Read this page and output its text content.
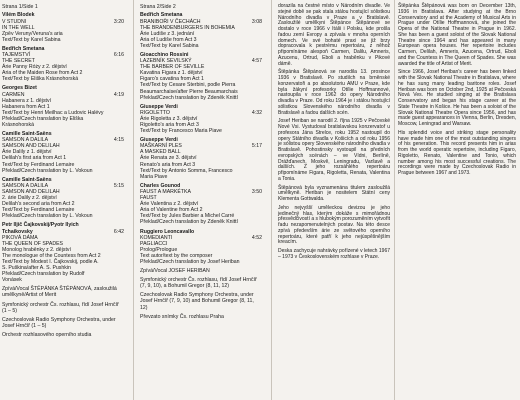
Strana 1/Side 1
Vilém Blodek
V STUDNI
IN THE WELL
Zpěv Veruny/Veruna's aria
Text/Text by Karel Sabina
3:20
Bedřich Smetana
TAJEMSTVÍ
THE SECRET
Árie Panny Róży z 2. dějství
Aria of the Maiden Rose from Act 2
Text/Text by Eliška Krásnohorská
6:16
Georges Bizet
CARMEN
Habanera z 1. dějství
Habanera from Act 1
Text/Text by Henri Meilhac a Ludovic Halévy
Překlad/Czech translation by Eliška Krásnohorská
4:19
Camille Saint-Saëns
SAMSON A DALILA
SAMSON AND DELILAH
Árie Dalily z 1. dějství
Delilah's first aria from Act 1
Text/Text by Ferdinand Lemaire
Překlad/Czech translation by L. Vokoun
4:15
Camille Saint-Saëns
SAMSON A DALILA
SAMSON AND DELILAH
2. árie Dalily z 2. dějství
Delilah's second aria from Act 2
Text/Text by Ferdinand Lemaire
Překlad/Czech translation by L. Vokoun
5:15
Petr Iljič Čajkovskij/Pyotr Ilyich Tchaikovsky
PIKOVÁ DÁMA
THE QUEEN OF SPADES
Monolog hraběnky z 2. dějství
The monologue of the Countess from Act 2
Text/Text by Modest I. Čajkovskij, podle A. S. Puškina/after A. S. Pushkin
Překlad/Czech translation by Rudolf Vonásek
6:42

Zpívá/Vocal ŠTĚPÁNKA ŠTĚPÁNOVÁ, zasloužilá umělkyně/Artist of Merit

Symfonický orchestr Čs. rozhlasu, řídí Josef Hrnčíř (1 – 5)

Czechoslovak Radio Symphony Orchestra, under Josef Hrnčíř (1 – 5)

Orchestr rozhlasového operního studia

Strana 2/Side 2
Bedřich Smetana
BRANIBOŘI V ČECHÁCH
THE BRANDENBURGERS IN BOHEMIA
Árie Ludiše z 3. jednání
Aria of Ludiše from Act 3
Text/Text by Karel Sabina
3:08
Gioacchino Rossini
LAZEBNÍK SEVILSKÝ
THE BARBER OF SEVILLE
Kavatina Figara z 1. dějství
Figaro's cavatina from Act 1
Text/Text by Cesare Sterbini, podle Pierra Beaumarchaise/after Pierre Beaumarchais
Překlad/Czech translation by Zdeněk Knittl
4:57
Giuseppe Verdi
RIGOLETTO
Árie Rigoletta z 3. dějství
Rigoletto's aria from Act 3
Text/Text by Francesco Maria Piave
4:32
Giuseppe Verdi
MAŠKARNÍ PLES
A MASKED BALL
Árie Renata ze 3. dějství
Renato's aria from Act 3
Text/Text by Antonio Somma, Francesco Maria Piave
5:17
Charles Gounod
FAUST A MARKÉTKA
FAUST
Árie Valentina z 2. dějství
Aria of Valentine from Act 2
Text/Text by Jules Barbier a Michel Carré
Překlad/Czech translation by Zdeněk Knittl
3:50
Ruggiero Leoncavallo
KOMEDIANTI
PAGLIACCI
Prolog/Prologue
Text autor/text by the composer
Překlad/Czech translation by Josef Heriban
4:52

Zpívá/Vocal JOSEF HERIBAN

Symfonický orchestr Čs. rozhlasu, řídí Josef Hrnčíř (7, 9, 10), a Bohumil Gregor (8, 11, 12)

Czechoslovak Radio Symphony Orchestra, under Josef Hrnčíř (7, 9, 10) and Bohumil Gregor (8, 11, 12)

Převzato snímky Čs. rozhlasu Praha

dorazila na čestné místo v Národním divadle. Ve stejné době se pak stala stálou hostující sólistkou Národního divadla v Praze a v Bratislavě. Zasloužilé umělkyni Štěpánce Štěpánové se dostalo v roce 1966 v Itálii i Polsku, kde prošla řadou zemí Evropy a zpívala v mnoha operních domech. Ve své bohaté praxi se již brzy dopracovala k pestrému repertoáru, z něhož připomínáme alespoň Carmen, Dalilu, Amneris, Azucenu, Ortrud, Eboli a hraběnku v Pikové dámě.

Štěpánka Štěpánová se narodila 13. prosince 1936 v Bratislavě. Po studiích na brněnské konzervatoři a po absolutoriu AMU v Praze, kde byla žákyní profesorky Otílie Hoffmannové, nastoupila v roce 1962 do opery Národního divadla v Praze. Od roku 1964 je i stálou hostující sólistkou Slovenského národního divadla v Bratislavě a řadou dalších scén.

Josef Heriban se narodil 2. října 1925 v Pečovské Nové Vsi. Vystudoval bratislavskou konzervatoř u profesora Jána Strelce, roku 1952 nastoupil do opery Státního divadla v Košicích a od roku 1956 je sólistou opery Slovenského národního divadla v Bratislavě. Pohostinsky vystoupil na předních evropských scénách – ve Vídni, Berlíně, Drážďanech, Moskvě, Leningradu, Varšavě a dalších. Z jeho rozsáhlého repertoáru připomínáme Figara, Rigoletta, Renata, Valentina a Tonia.

Štěpánová byla vyznamenána titulem zasloužilá umělkyně. Heriban je nositelem Státní ceny Klementa Gottwalda.

Jeho nejvyšší uměleckou devizou je jeho jedinečný hlas, kterým dokáže s mimořádnou přesvědčivostí a s hlubokým porozuměním vytvořit řadu nezapomenutelných postav. Na této desce zpívá především árie ze světového operního repertoáru, které patří k jeho nejúspěšnějším kreacím.

Deska zachycuje nahrávky pořízené v letech 1967 – 1973 v Československém rozhlase v Praze.

Štěpánka Štěpánová was born on December 13th, 1936 in Bratislava. After studying at the Brno Conservatory and at the Academy of Musical Arts in Prague under Otílie Hoffmannová, she joined the Opera of the National Theatre in Prague in 1962. She has been a guest soloist of the Slovak National Theatre since 1964 and has appeared in many European opera houses. Her repertoire includes Carmen, Delilah, Amneris, Azucena, Ortrud, Eboli and the Countess in The Queen of Spades. She was awarded the title of Artist of Merit.

Since 1966, Josef Heriban's career has been linked with the Slovak National Theatre in Bratislava, where he has sung many leading baritone roles. Josef Heriban was born on October 2nd, 1925 at Pečovská Nová Ves. He studied singing at the Bratislava Conservatory and began his stage career at the State Theatre in Košice. He has been a soloist of the Slovak National Theatre Opera since 1956, and has made guest appearances in Vienna, Berlin, Dresden, Moscow, Leningrad and Warsaw.

His splendid voice and striking stage personality have made him one of the most outstanding singers of his generation. This record presents him in arias from the world operatic repertoire, including Figaro, Rigoletto, Renato, Valentine and Tonio, which number among his most successful creations. The recordings were made by Czechoslovak Radio in Prague between 1967 and 1973.
